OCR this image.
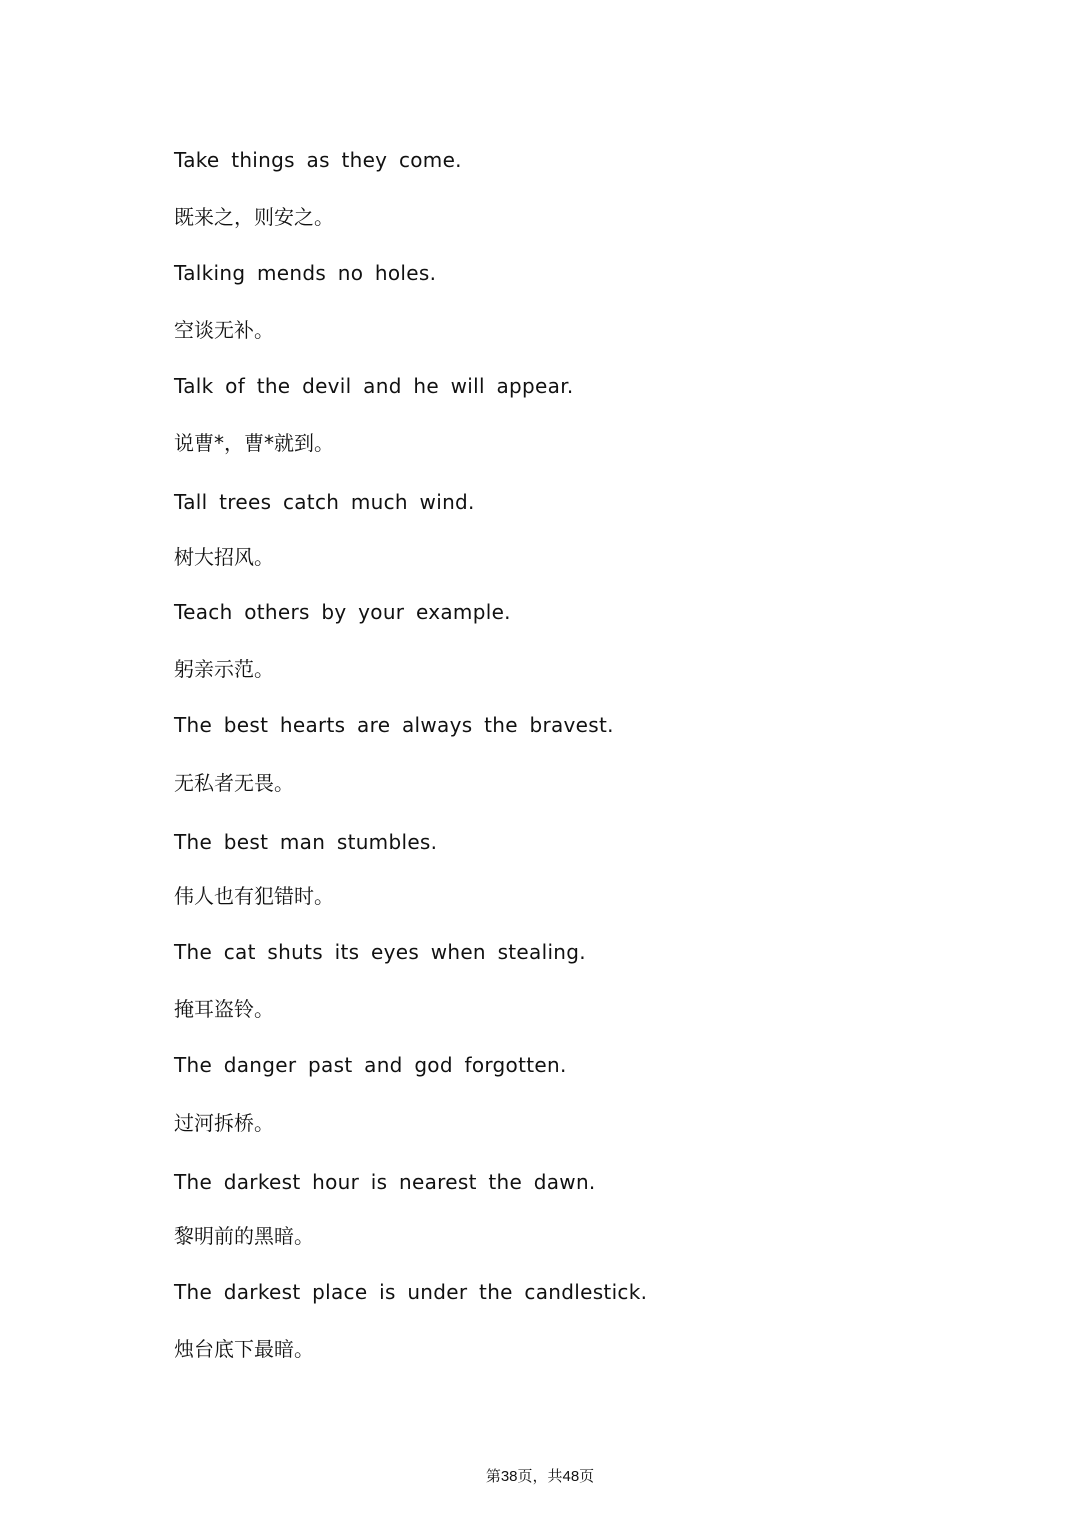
Take things as they come.
既来之，则安之。
Talking mends no holes.
空谈无补。
Talk of the devil and he will appear.
说曹*，曹*就到。
Tall trees catch much wind.
树大招风。
Teach others by your example.
躬亲示范。
The best hearts are always the bravest.
无私者无畏。
The best man stumbles.
伟人也有犯错时。
The cat shuts its eyes when stealing.
掩耳盗铃。
The danger past and god forgotten.
过河拆桥。
The darkest hour is nearest the dawn.
黎明前的黑暗。
The darkest place is under the candlestick.
烛台底下最暗。
第38页，共48页
